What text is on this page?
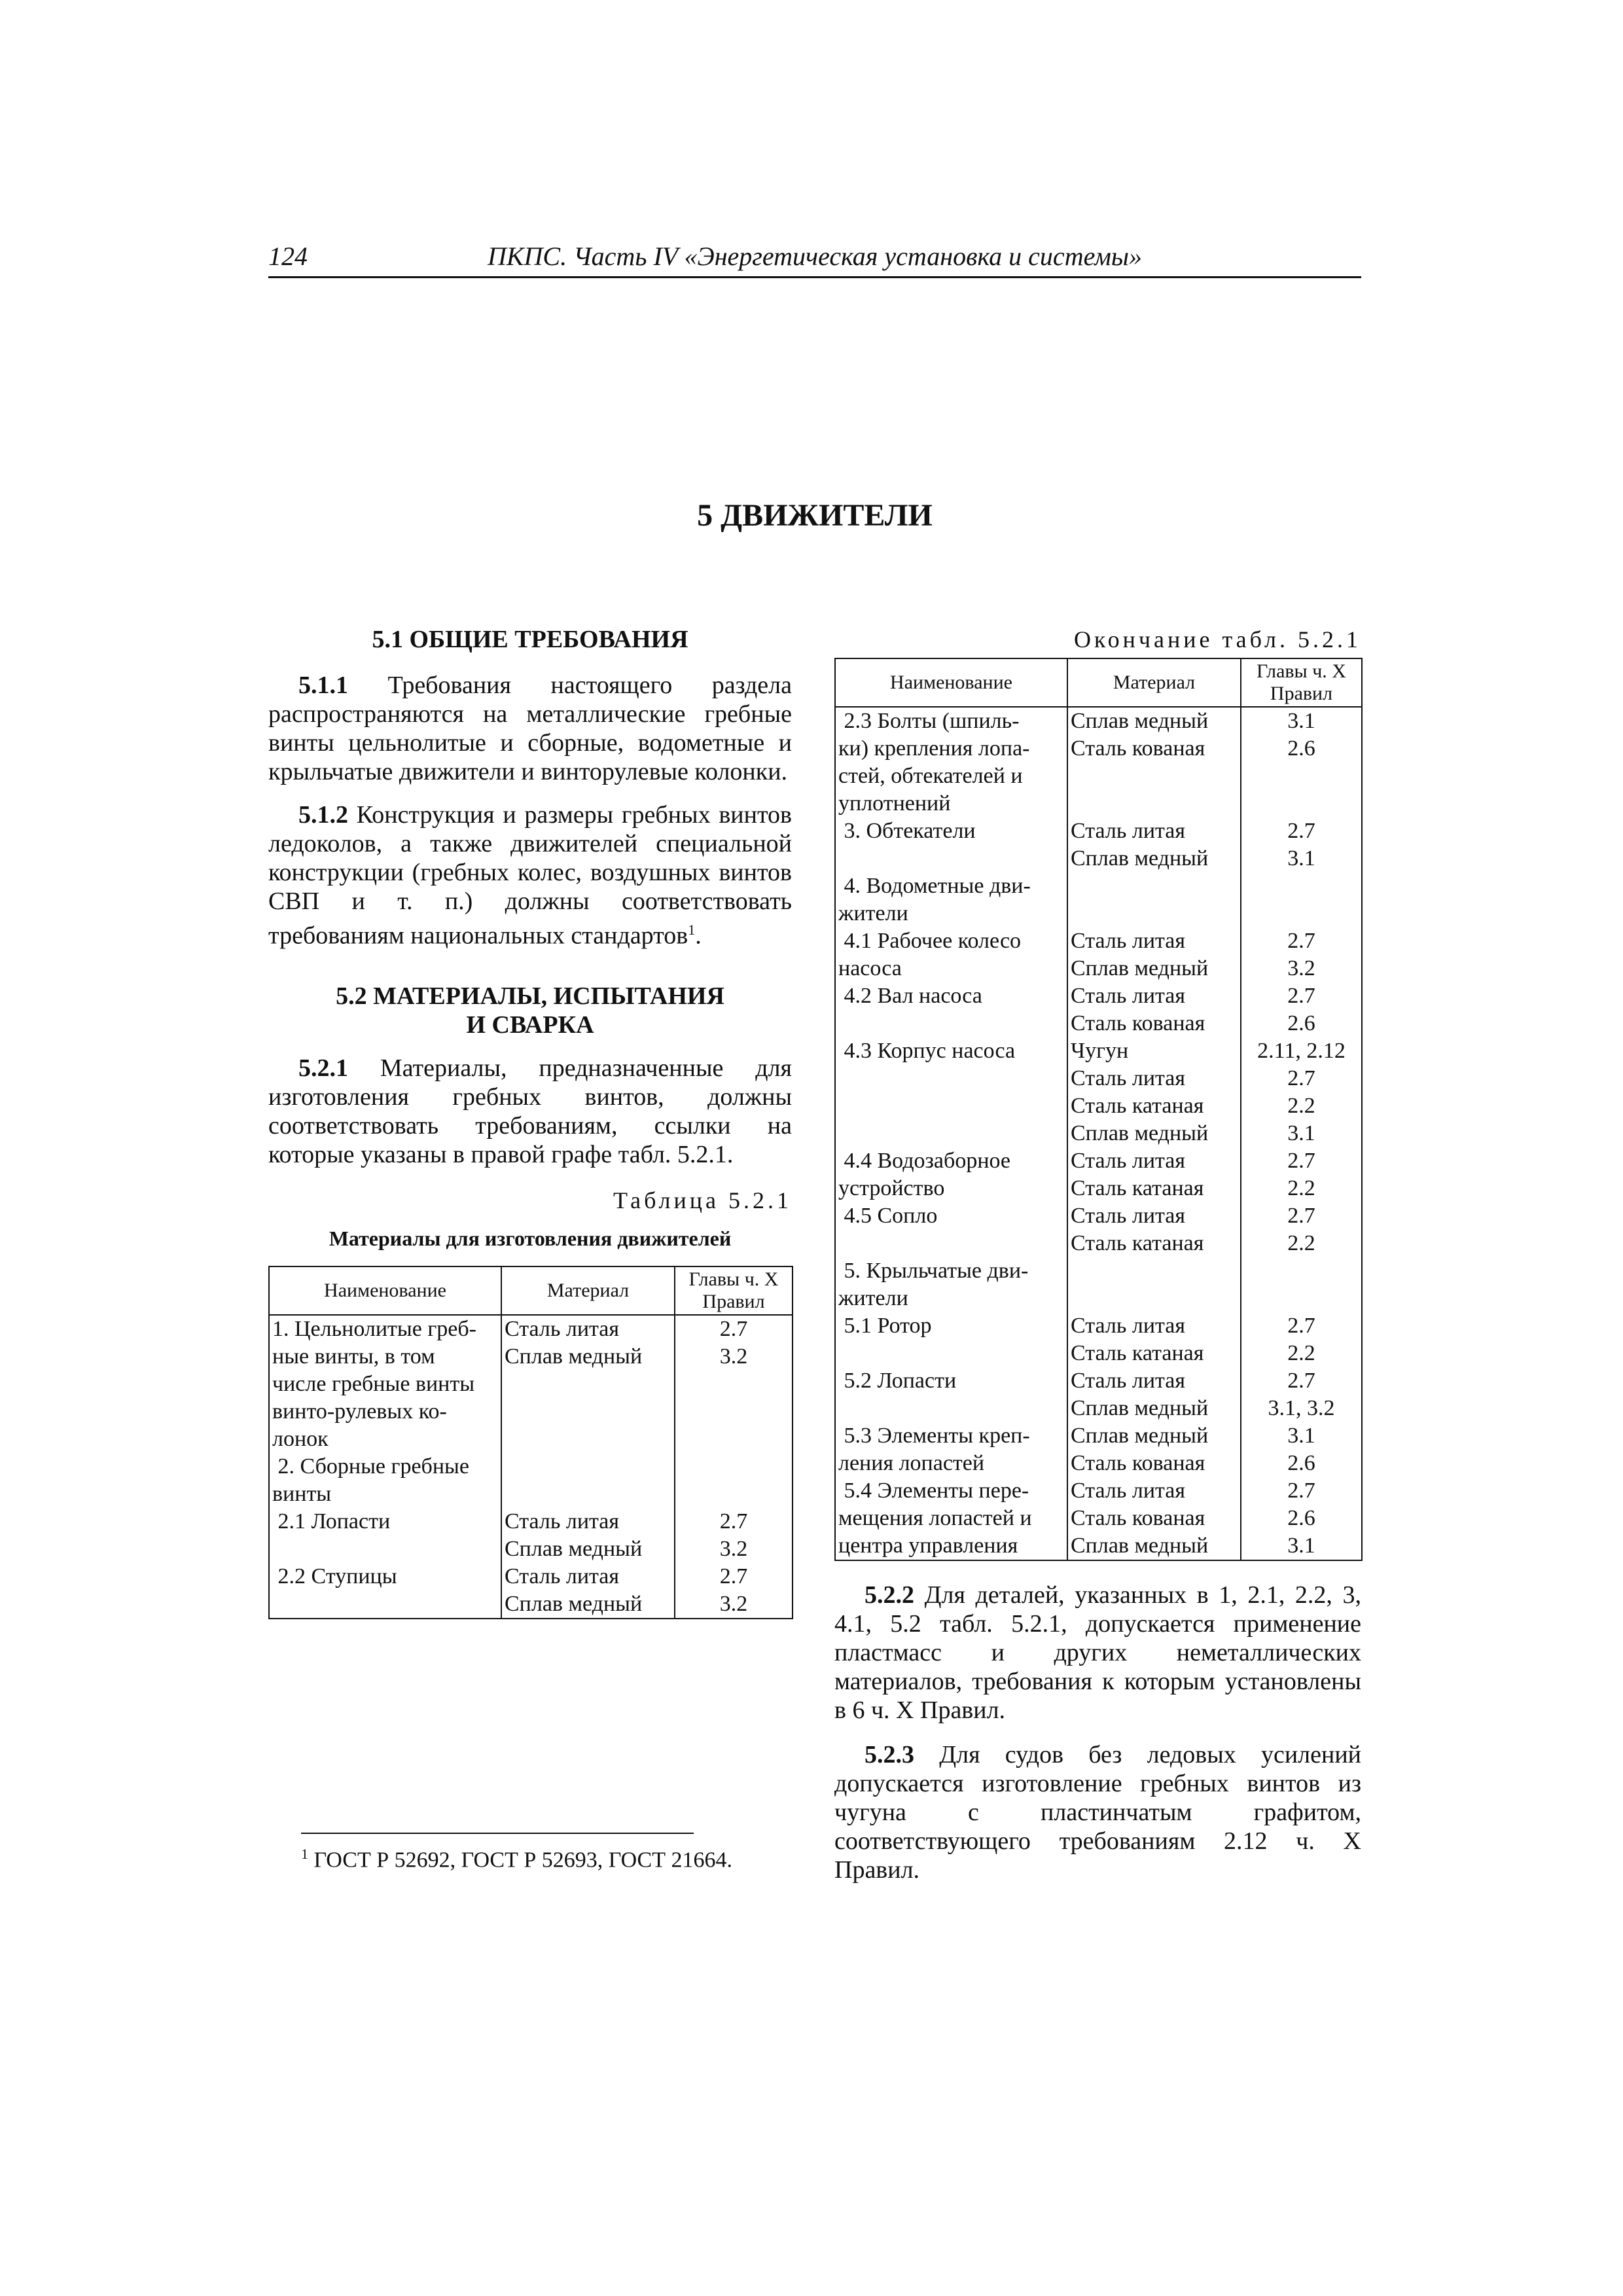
124	ПКПС. Часть IV «Энергетическая установка и системы»
5 ДВИЖИТЕЛИ
5.1 ОБЩИЕ ТРЕБОВАНИЯ

5.1.1 Требования настоящего раздела распространяются на металлические гребные винты цельнолитые и сборные, водометные и крыльчатые движители и винторулевые колонки.

5.1.2 Конструкция и размеры гребных винтов ледоколов, а также движителей специальной конструкции (гребных колес, воздушных винтов СВП и т. п.) должны соответствовать требованиям национальных стандартов$^1$.

5.2 МАТЕРИАЛЫ, ИСПЫТАНИЯ
И СВАРКА

5.2.1 Материалы, предназначенные для изготовления гребных винтов, должны соответствовать требованиям, ссылки на которые указаны в правой графе табл. 5.2.1.

Таблица 5.2.1
Материалы для изготовления движителей
Наименование	Материал	Главы ч. X
Правил

1. Цельнолитые греб-	Сталь литая	2.7
ные винты, в том	Сплав медный	3.2
числе гребные винты		
винто-рулевых ко-		
лонок		
2. Сборные гребные		
винты		
2.1 Лопасти	Сталь литая	2.7
	Сплав медный	3.2
2.2 Ступицы	Сталь литая	2.7
	Сплав медный	3.2
Окончание табл. 5.2.1
Наименование	Материал	Главы ч. X
Правил

2.3 Болты (шпиль-	Сплав медный	3.1
ки) крепления лопа-	Сталь кованая	2.6
стей, обтекателей и		
уплотнений		
3. Обтекатели	Сталь литая	2.7
	Сплав медный	3.1
4. Водометные дви-		
жители		
4.1 Рабочее колесо	Сталь литая	2.7
насоса	Сплав медный	3.2
4.2 Вал насоса	Сталь литая	2.7
	Сталь кованая	2.6
4.3 Корпус насоса	Чугун	2.11, 2.12
	Сталь литая	2.7
	Сталь катаная	2.2
	Сплав медный	3.1
4.4 Водозаборное	Сталь литая	2.7
устройство	Сталь катаная	2.2
4.5 Сопло	Сталь литая	2.7
	Сталь катаная	2.2
5. Крыльчатые дви-		
жители		
5.1 Ротор	Сталь литая	2.7
	Сталь катаная	2.2
5.2 Лопасти	Сталь литая	2.7
	Сплав медный	3.1, 3.2
5.3 Элементы креп-	Сплав медный	3.1
ления лопастей	Сталь кованая	2.6
5.4 Элементы пере-	Сталь литая	2.7
мещения лопастей и	Сталь кованая	2.6
центра управления	Сплав медный	3.1

5.2.2 Для деталей, указанных в 1, 2.1, 2.2, 3, 4.1, 5.2 табл. 5.2.1, допускается применение пластмасс и других неметаллических материалов, требования к которым установлены в 6 ч. X Правил.

5.2.3 Для судов без ледовых усилений допускается изготовление гребных винтов из чугуна с пластинчатым графитом, соответствующего требованиям 2.12 ч. X Правил.

$^1$ ГОСТ Р 52692, ГОСТ Р 52693, ГОСТ 21664.
